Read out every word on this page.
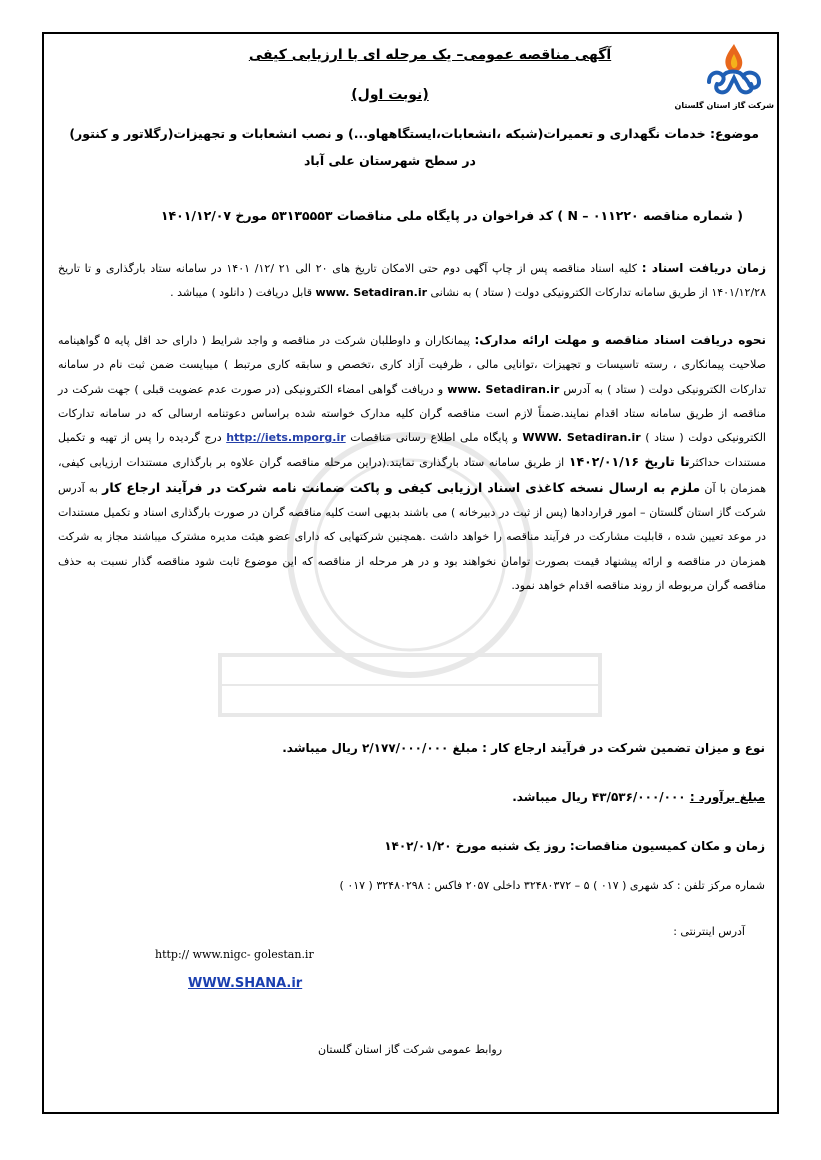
شرکت گاز استان گلستان
آگهی مناقصه عمومی– یک مرحله ای با ارزیابی کیفی
(نوبت اول)
موضوع: خدمات نگهداری و تعمیرات(شبکه ،انشعابات،ایستگاههاو...) و نصب انشعابات و تجهیزات(رگلاتور و کنتور)
در سطح شهرستان علی آباد
( شماره مناقصه N – ۰۱۱۲۲۰ ) کد فراخوان در پایگاه ملی مناقصات ۵۳۱۳۵۵۵۳ مورخ ۱۴۰۱/۱۲/۰۷
زمان دریافت اسناد : کلیه اسناد مناقصه پس از چاپ آگهی دوم حتی الامکان تاریخ های ۲۰ الی ۲۱ /۱۲/ ۱۴۰۱ در سامانه ستاد بارگذاری و تا تاریخ ۱۴۰۱/۱۲/۲۸ از طریق سامانه تدارکات الکترونیکی دولت ( ستاد ) به نشانی www. Setadiran.ir قابل دریافت ( دانلود ) میباشد .
نحوه دریافت اسناد مناقصه و مهلت ارائه مدارک: پیمانکاران و داوطلبان شرکت در مناقصه و واجد شرایط ( دارای حد اقل پایه ۵ گواهینامه صلاحیت پیمانکاری ، رسته تاسیسات و تجهیزات ،توانایی مالی ، ظرفیت آزاد کاری ،تخصص و سابقه کاری مرتبط ) میبایست ضمن ثبت نام در سامانه تدارکات الکترونیکی دولت ( ستاد ) به آدرس www. Setadiran.ir و دریافت گواهی امضاء الکترونیکی (در صورت عدم عضویت قبلی ) جهت شرکت در مناقصه از طریق سامانه ستاد اقدام نمایند.ضمناً لازم است مناقصه گران کلیه مدارک خواسته شده براساس دعوتنامه ارسالی که در سامانه تدارکات الکترونیکی دولت ( ستاد ) WWW. Setadiran.ir و پایگاه ملی اطلاع رسانی مناقصات http://iets.mporg.ir درج گردیده را پس از تهیه و تکمیل مستندات حداکثرتا تاریخ ۱۴۰۲/۰۱/۱۶ از طریق سامانه ستاد بارگذاری نمایند.(دراین مرحله مناقصه گران علاوه بر بارگذاری مستندات ارزیابی کیفی، همزمان با آن ملزم به ارسال نسخه کاغذی اسناد ارزیابی کیفی و پاکت ضمانت نامه شرکت در فرآیند ارجاع کار به آدرس شرکت گاز استان گلستان – امور قراردادها (پس از ثبت در دبیرخانه ) می باشند بدیهی است کلیه مناقصه گران در صورت بارگذاری اسناد و تکمیل مستندات در موعد تعیین شده ، قابلیت مشارکت در فرآیند مناقصه را خواهد داشت .همچنین شرکتهایی که دارای عضو هیئت مدیره مشترک میباشند مجاز به شرکت همزمان در مناقصه و ارائه پیشنهاد قیمت بصورت توامان نخواهند بود و در هر مرحله از مناقصه که این موضوع ثابت شود مناقصه گذار نسبت به حذف مناقصه گران مربوطه از روند مناقصه اقدام خواهد نمود.
نوع و میزان تضمین شرکت در فرآیند ارجاع کار : مبلغ ۲/۱۷۷/۰۰۰/۰۰۰ ریال میباشد.
مبلغ برآورد : ۴۳/۵۳۶/۰۰۰/۰۰۰ ریال میباشد.
زمان و مکان کمیسیون مناقصات: روز یک شنبه مورخ ۱۴۰۲/۰۱/۲۰
شماره مرکز تلفن : کد شهری ( ۰۱۷ ) ۵ – ۳۲۴۸۰۳۷۲ داخلی ۲۰۵۷ فاکس : ۳۲۴۸۰۲۹۸ ( ۰۱۷ )
آدرس اینترنتی :
http:// www.nigc- golestan.ir
WWW.SHANA.ir
روابط عمومی شرکت گاز استان گلستان
